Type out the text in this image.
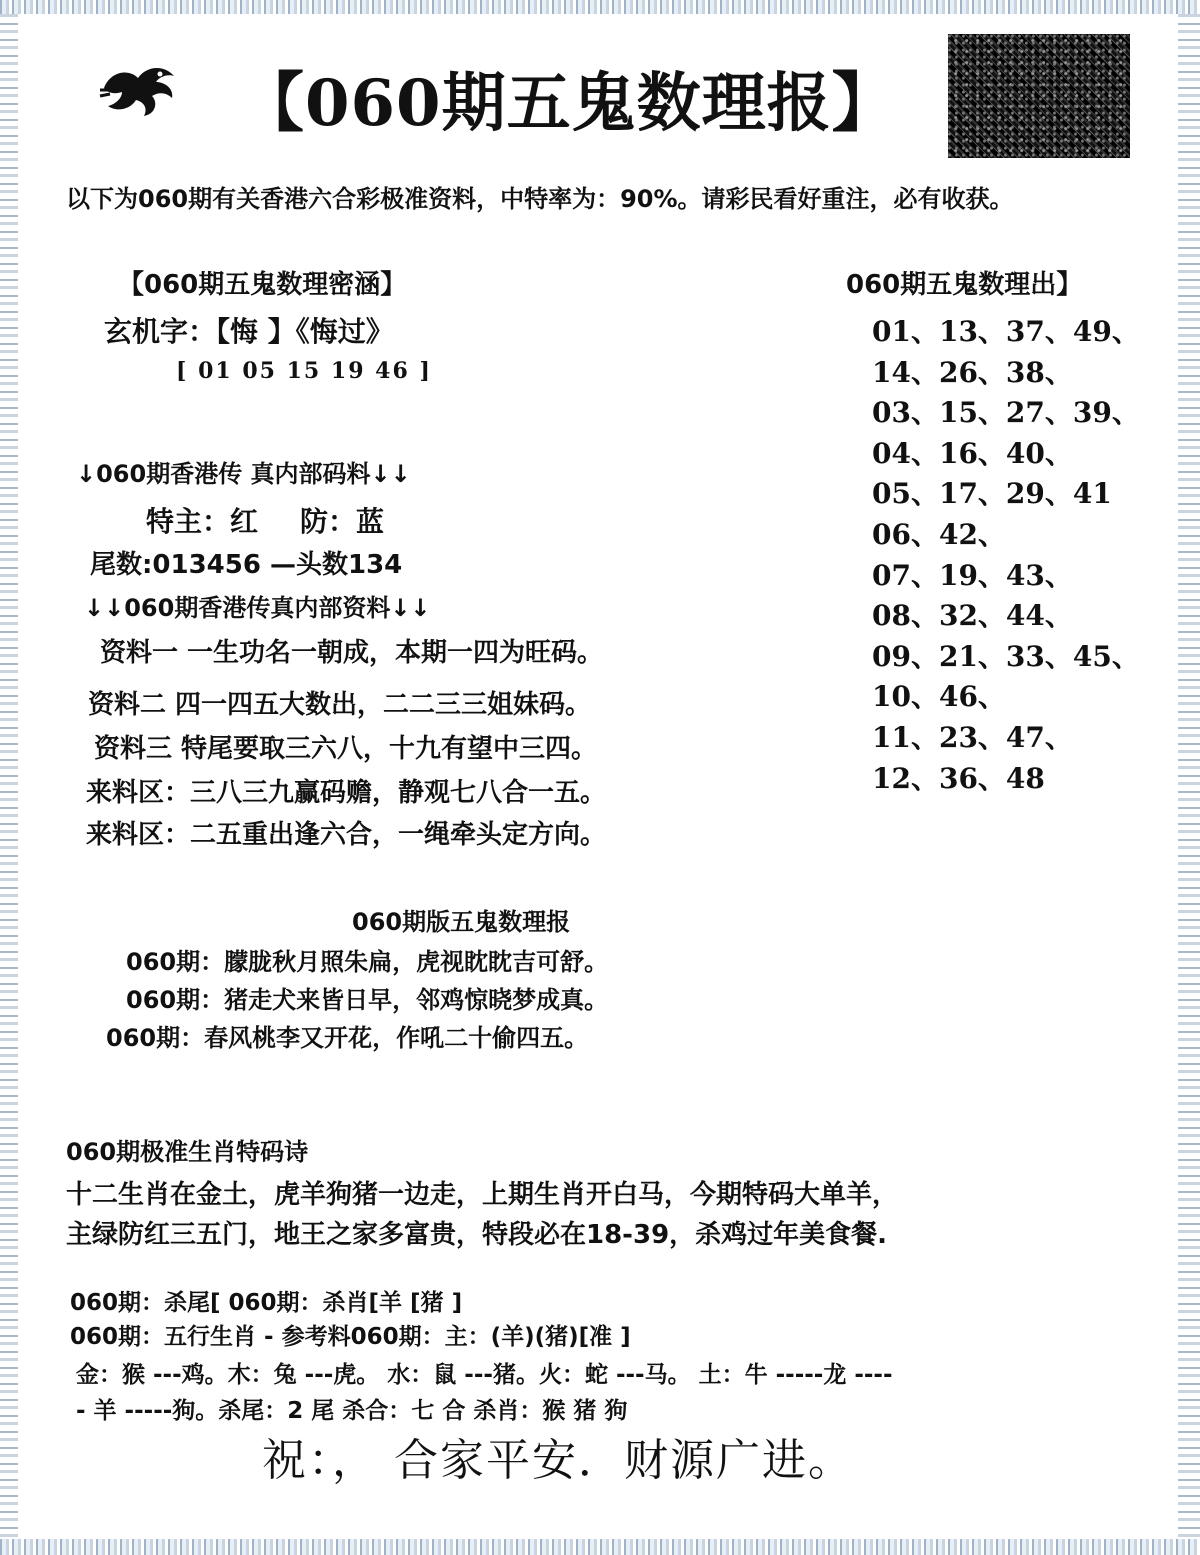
【060期五鬼数理报】
以下为060期有关香港六合彩极准资料，中特率为：90%。请彩民看好重注，必有收获。
【060期五鬼数理密涵】
玄机字：【悔 】《悔过》
[ 01 05 15 19 46 ]
060期五鬼数理出】
01、13、37、49、
14、26、38、
03、15、27、39、
04、16、40、
05、17、29、41
06、42、
07、19、43、
08、32、44、
09、21、33、45、
10、46、
11、23、47、
12、36、48
↓060期香港传 真内部码料↓↓
特主：红 防：蓝
尾数:013456 —头数134
↓↓060期香港传真内部资料↓↓
资料一 一生功名一朝成，本期一四为旺码。
资料二 四一四五大数出，二二三三姐妹码。
资料三 特尾要取三六八，十九有望中三四。
来料区：三八三九赢码赡，静观七八合一五。
来料区：二五重出逢六合，一绳牵头定方向。
060期版五鬼数理报
060期：朦胧秋月照朱扁，虎视眈眈吉可舒。
060期：猪走犬来皆日早，邻鸡惊晓梦成真。
060期：春风桃李又开花，作吼二十偷四五。
060期极准生肖特码诗
十二生肖在金土，虎羊狗猪一边走，上期生肖开白马，今期特码大单羊，
主绿防红三五门，地王之家多富贵，特段必在18-39，杀鸡过年美食餐.
060期：杀尾[ 060期：杀肖[羊 [猪 ]
060期：五行生肖 - 参考料060期：主：(羊)(猪)[准 ]
金：猴 ---鸡。木：兔 ---虎。 水：鼠 ---猪。火：蛇 ---马。 土：牛 -----龙 ----
- 羊 -----狗。杀尾：2 尾 杀合：七 合 杀肖：猴 猪 狗
祝：， 合家平安．财源广进。
